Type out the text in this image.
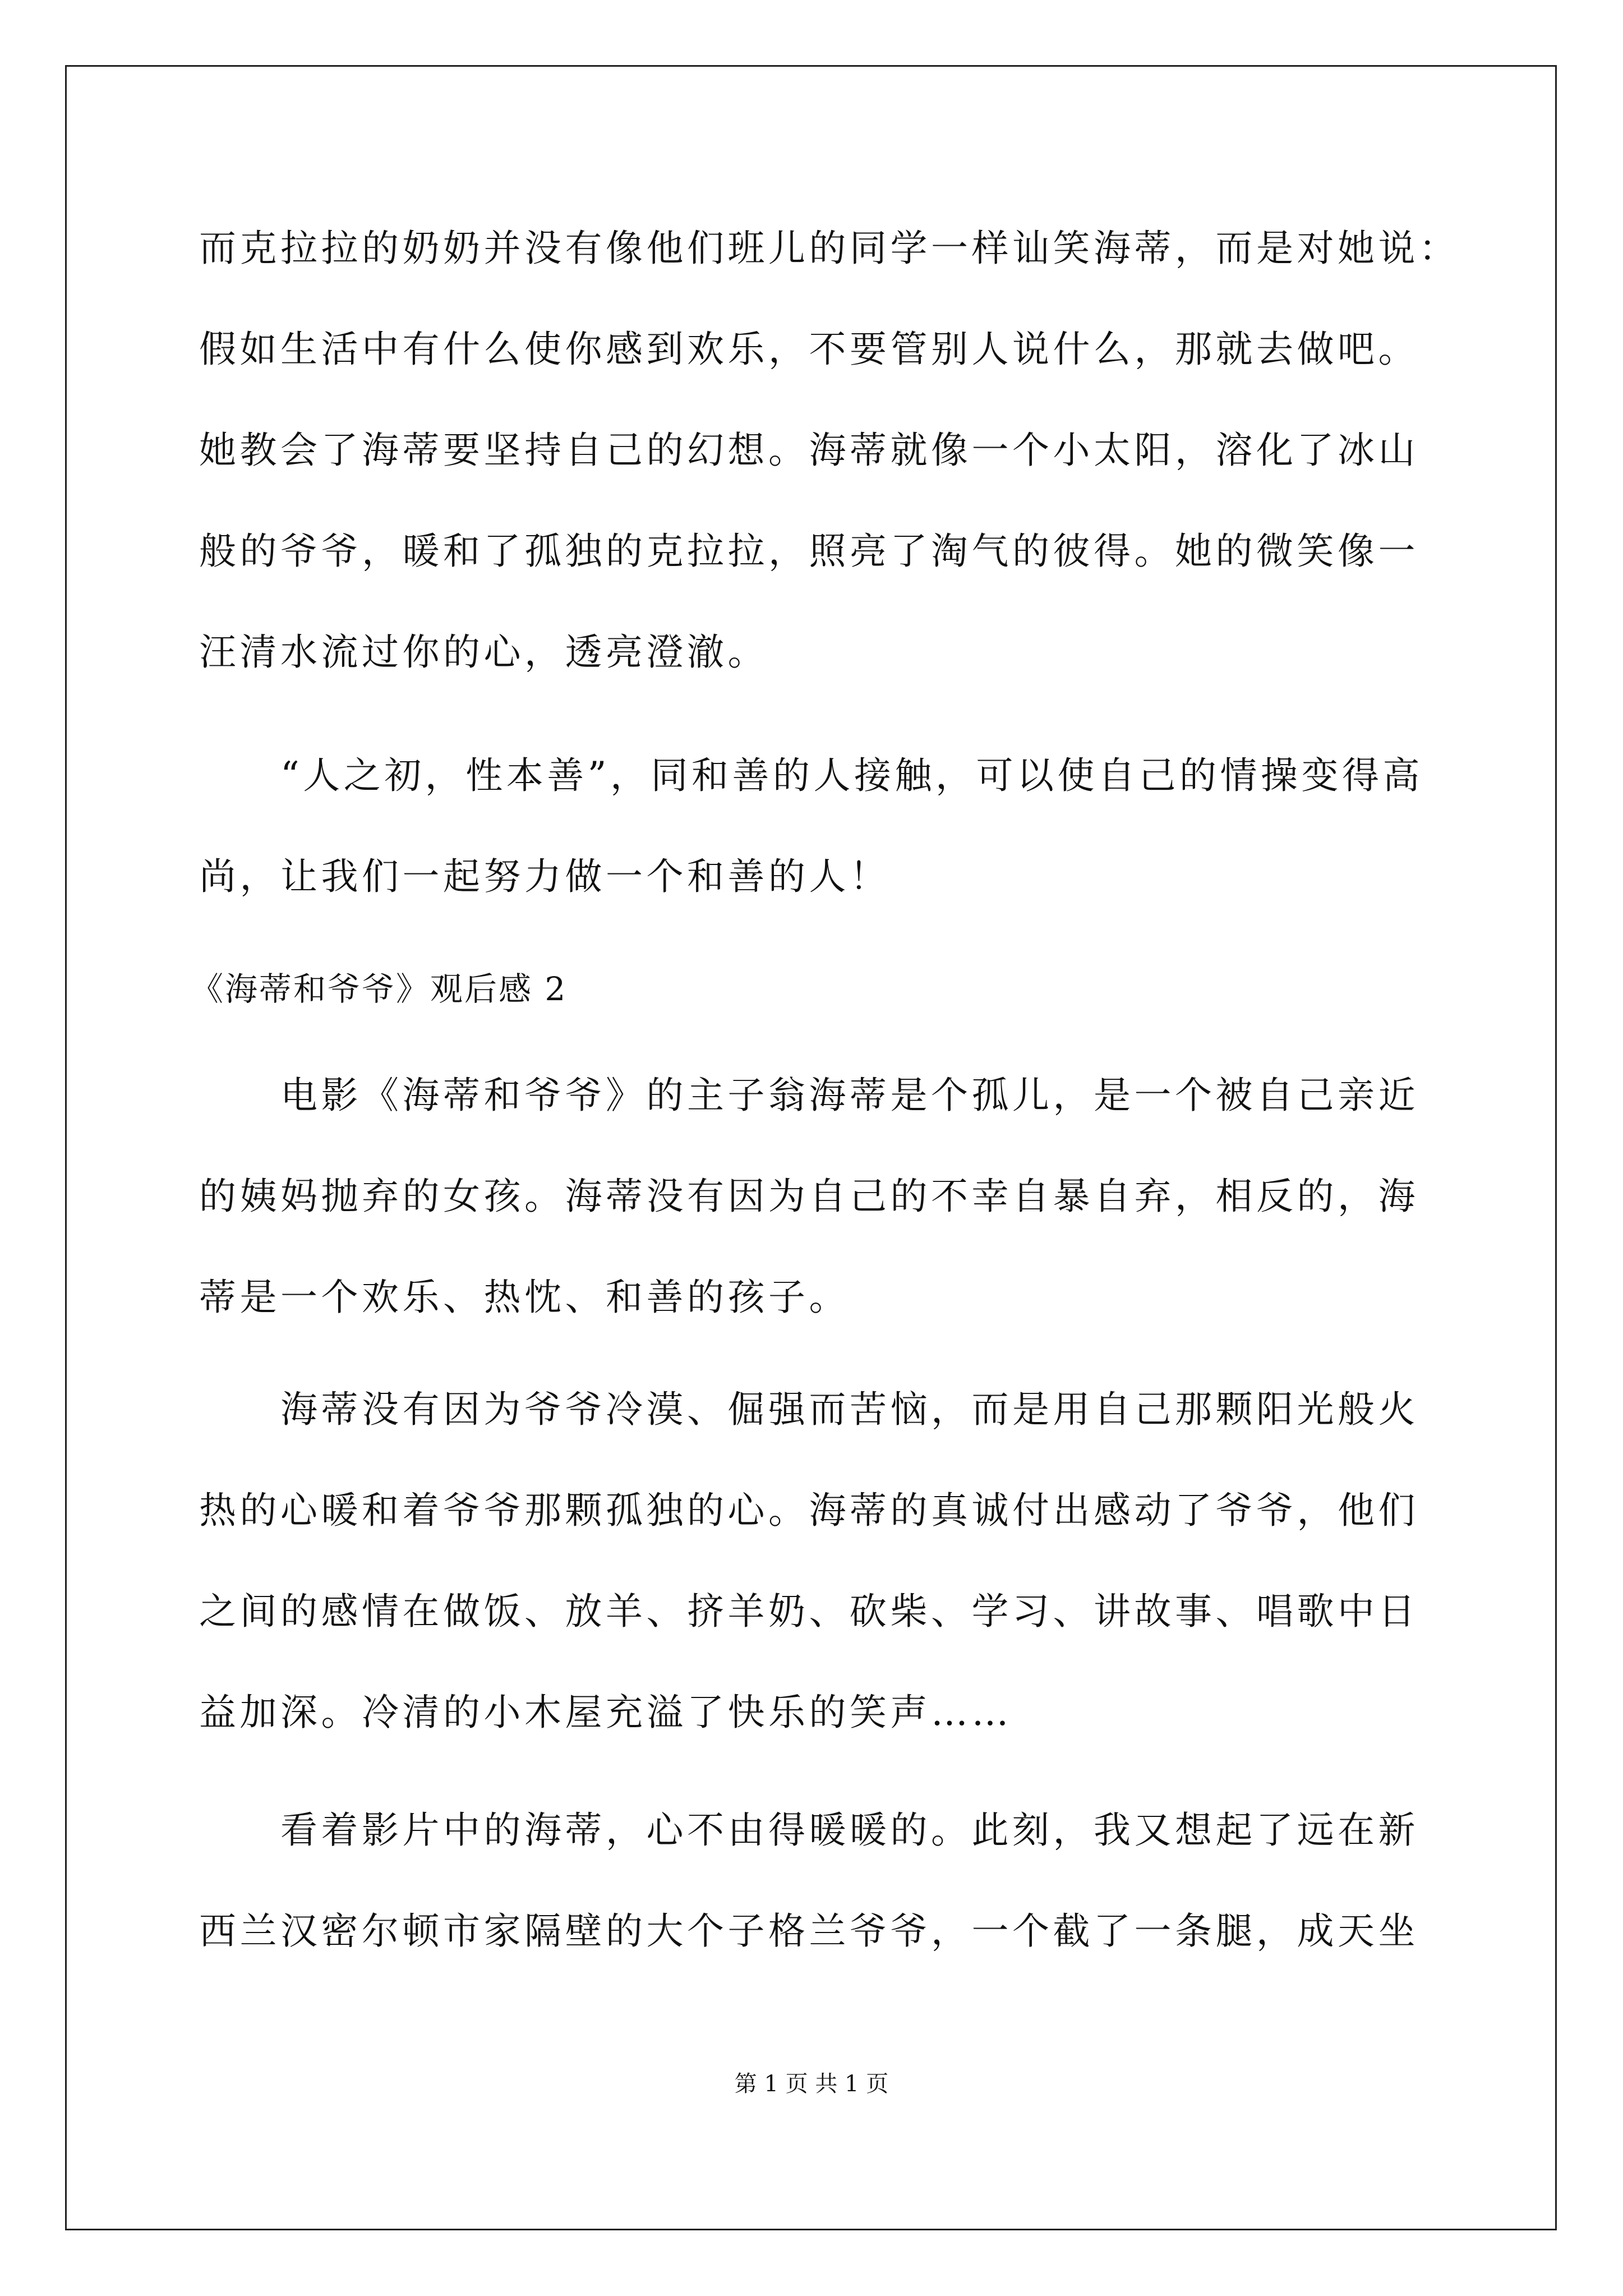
而克拉拉的奶奶并没有像他们班儿的同学一样讪笑海蒂，而是对她说：
假如生活中有什么使你感到欢乐，不要管别人说什么，那就去做吧。
她教会了海蒂要坚持自己的幻想。海蒂就像一个小太阳，溶化了冰山
般的爷爷，暖和了孤独的克拉拉，照亮了淘气的彼得。她的微笑像一
汪清水流过你的心，透亮澄澈。
“人之初，性本善”，同和善的人接触，可以使自己的情操变得高
尚，让我们一起努力做一个和善的人！
《海蒂和爷爷》观后感 2
电影《海蒂和爷爷》的主子翁海蒂是个孤儿，是一个被自己亲近
的姨妈抛弃的女孩。海蒂没有因为自己的不幸自暴自弃，相反的，海
蒂是一个欢乐、热忱、和善的孩子。
海蒂没有因为爷爷冷漠、倔强而苦恼，而是用自己那颗阳光般火
热的心暖和着爷爷那颗孤独的心。海蒂的真诚付出感动了爷爷，他们
之间的感情在做饭、放羊、挤羊奶、砍柴、学习、讲故事、唱歌中日
益加深。冷清的小木屋充溢了快乐的笑声……
看着影片中的海蒂，心不由得暖暖的。此刻，我又想起了远在新
西兰汉密尔顿市家隔壁的大个子格兰爷爷，一个截了一条腿，成天坐
第 1 页 共 1 页
